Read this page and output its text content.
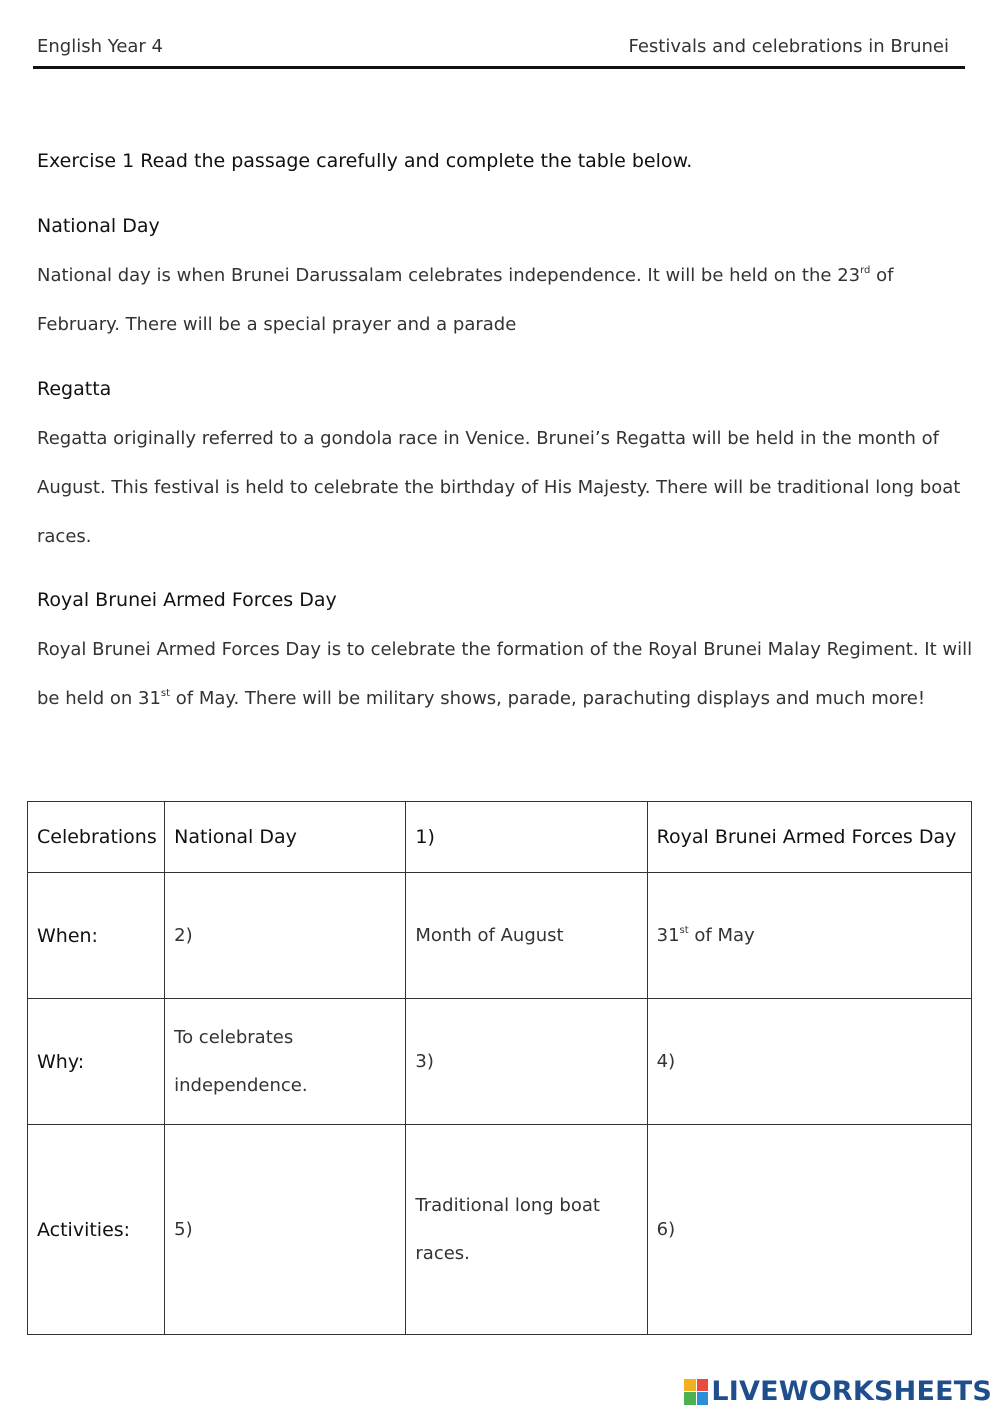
English Year 4	Festivals and celebrations in Brunei
Exercise 1 Read the passage carefully and complete the table below.
National Day
National day is when Brunei Darussalam celebrates independence. It will be held on the 23rd of February. There will be a special prayer and a parade
Regatta
Regatta originally referred to a gondola race in Venice. Brunei’s Regatta will be held in the month of August. This festival is held to celebrate the birthday of His Majesty. There will be traditional long boat races.
Royal Brunei Armed Forces Day
Royal Brunei Armed Forces Day is to celebrate the formation of the Royal Brunei Malay Regiment. It will be held on 31st of May. There will be military shows, parade, parachuting displays and much more!
Celebrations	National Day	1)	Royal Brunei Armed Forces Day
When:	2)	Month of August	31st of May
Why:	To celebrates independence.	3)	4)
Activities:	5)	Traditional long boat races.	6)
LIVEWORKSHEETS
